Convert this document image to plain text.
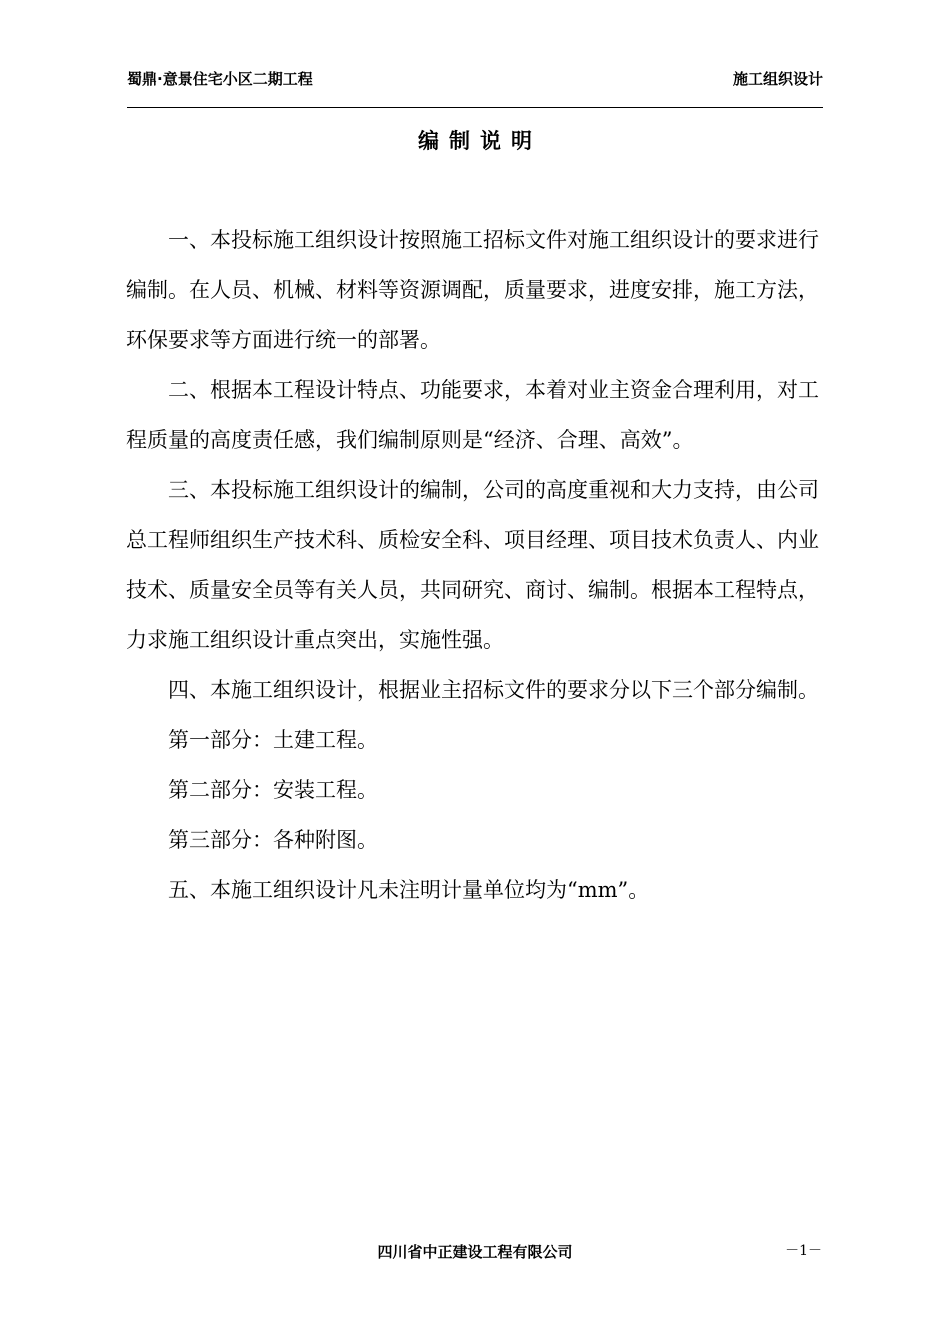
蜀鼎·意景住宅小区二期工程	施工组织设计
编制说明

一、本投标施工组织设计按照施工招标文件对施工组织设计的要求进行编制。在人员、机械、材料等资源调配，质量要求，进度安排，施工方法，环保要求等方面进行统一的部署。

二、根据本工程设计特点、功能要求，本着对业主资金合理利用，对工程质量的高度责任感，我们编制原则是“经济、合理、高效”。

三、本投标施工组织设计的编制，公司的高度重视和大力支持，由公司总工程师组织生产技术科、质检安全科、项目经理、项目技术负责人、内业技术、质量安全员等有关人员，共同研究、商讨、编制。根据本工程特点，力求施工组织设计重点突出，实施性强。

四、本施工组织设计，根据业主招标文件的要求分以下三个部分编制。

第一部分：土建工程。

第二部分：安装工程。

第三部分：各种附图。

五、本施工组织设计凡未注明计量单位均为“mm”。

四川省中正建设工程有限公司	－1－
